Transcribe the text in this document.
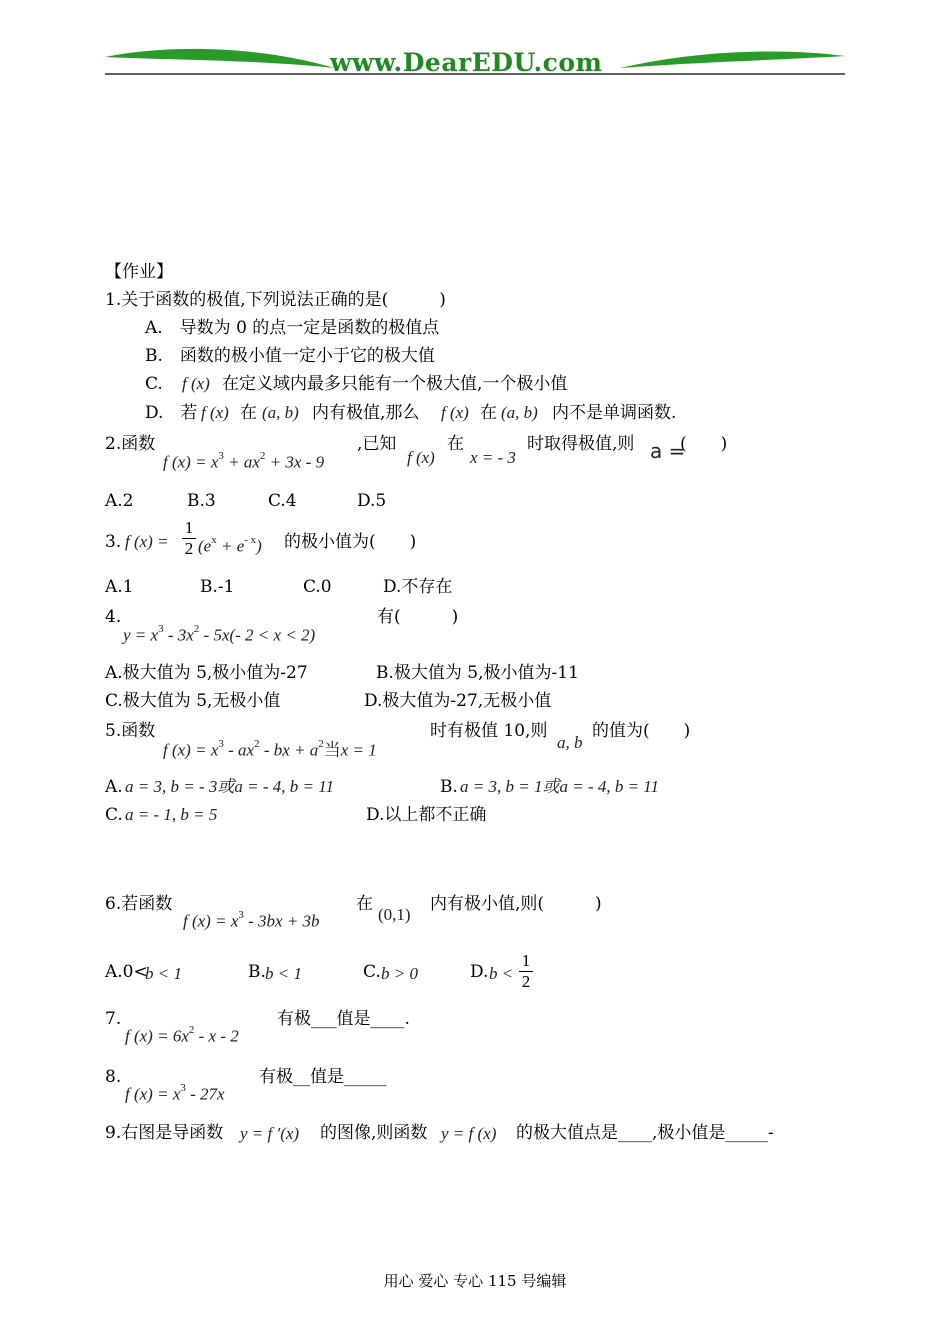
www.DearEDU.com
【作业】
1.关于函数的极值,下列说法正确的是(　　　)
A.　导数为 0 的点一定是函数的极值点
B.　函数的极小值一定小于它的极大值
C. f (x) 在定义域内最多只能有一个极大值,一个极小值
D.　若 f (x) 在 (a, b) 内有极值,那么 f (x) 在 (a, b) 内不是单调函数.
2.函数
f $(x) = x^3 + ax^2 + 3x - 9$
,已知
f (x)
在
x = - 3
时取得极值,则 a =
(　　)
A.2	B.3	C.4	D.5
3. f (x) =
1
2 $(e^x + e^{- x})$ 的极小值为(　　)
A.1	B.-1	C.0	D.不存在
4.
$y = x^3 - 3x^2 - 5x(-$ 2 < x < 2)
有(　　　)
A.极大值为 5,极小值为-27	B.极大值为 5,极小值为-11
C.极大值为 5,无极小值	D.极大值为-27,无极小值
5.函数
f $(x) = x^3 - ax^2$ - bx + $a^2$当x = 1
时有极值 10,则
a, b
的值为(　　)
A. a = 3, b = - 3或a = - 4, b = 11	B. a = 3, b = 1或a = - 4, b = 11
C. a = - 1, b = 5	D.以上都不正确
6.若函数
f $(x) = x^3 - 3bx + 3b$
在
(0,1)
内有极小值,则(　　　)
A.0<
b < 1	B. b < 1	C. b > 0	D. b <
1
2
7.
f $(x) = 6x^2 - x - 2$
有极___值是____.
8.
f $(x) = x^3 - 27x$
有极__值是_____
9.右图是导函数 y = f ′(x) 的图像,则函数 y = f (x) 的极大值点是____,极小值是_____-
用心 爱心 专心 115 号编辑
